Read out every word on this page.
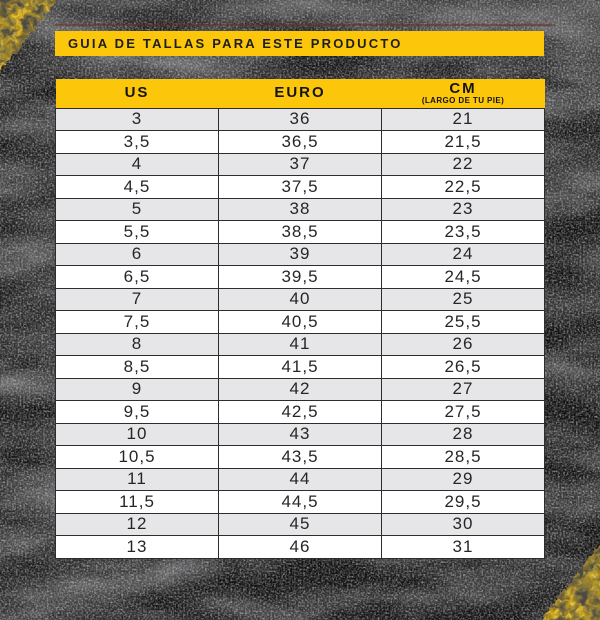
GUIA DE TALLAS PARA ESTE PRODUCTO
US	EURO	CM
(LARGO DE TU PIE)

3	36	21
3,5	36,5	21,5
4	37	22
4,5	37,5	22,5
5	38	23
5,5	38,5	23,5
6	39	24
6,5	39,5	24,5
7	40	25
7,5	40,5	25,5
8	41	26
8,5	41,5	26,5
9	42	27
9,5	42,5	27,5
10	43	28
10,5	43,5	28,5
11	44	29
11,5	44,5	29,5
12	45	30
13	46	31
